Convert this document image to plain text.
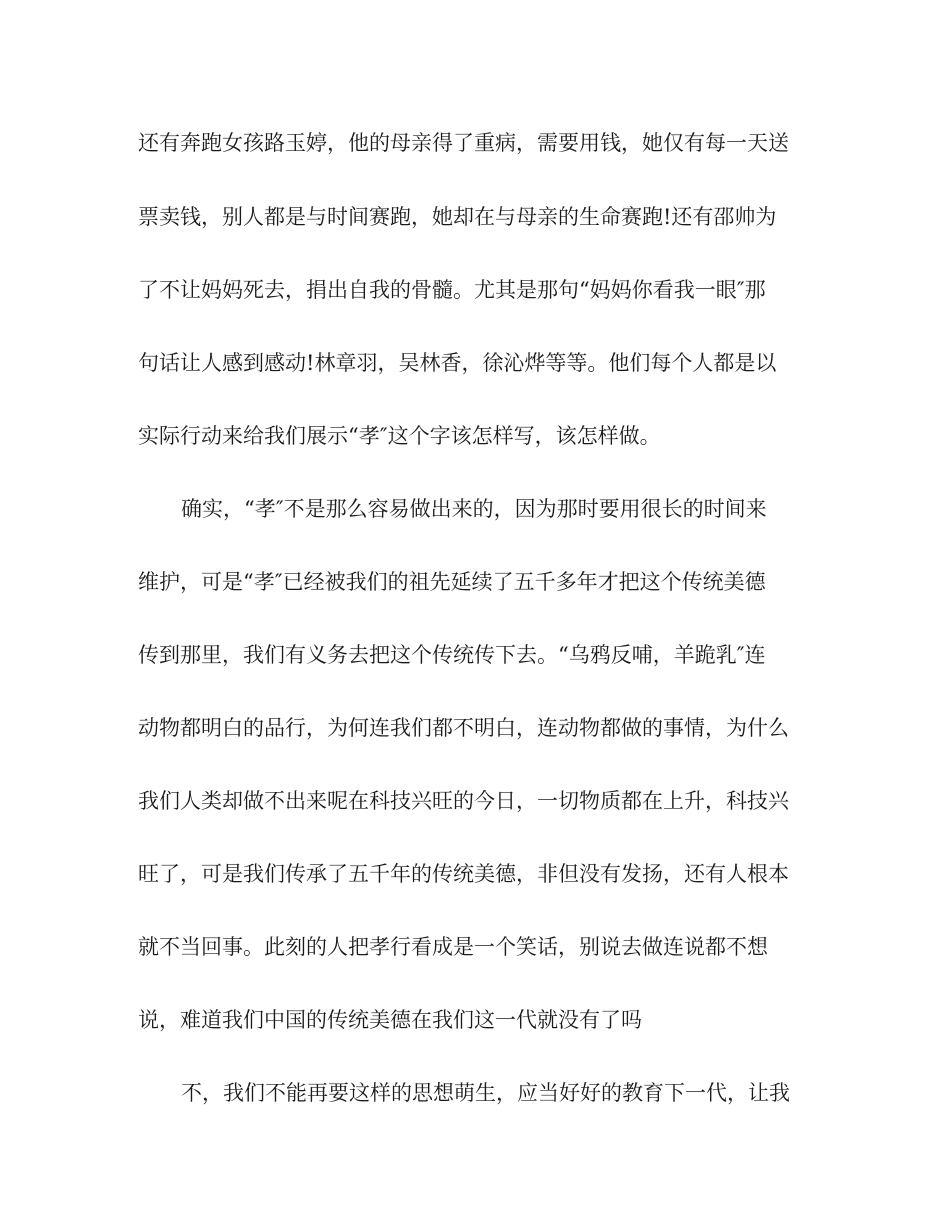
还有奔跑女孩路玉婷，他的母亲得了重病，需要用钱，她仅有每一天送
票卖钱，别人都是与时间赛跑，她却在与母亲的生命赛跑!还有邵帅为
了不让妈妈死去，捐出自我的骨髓。尤其是那句“妈妈你看我一眼″那
句话让人感到感动!林章羽，吴林香，徐沁烨等等。他们每个人都是以
实际行动来给我们展示“孝″这个字该怎样写，该怎样做。
确实，“孝″不是那么容易做出来的，因为那时要用很长的时间来
维护，可是“孝″已经被我们的祖先延续了五千多年才把这个传统美德
传到那里，我们有义务去把这个传统传下去。“乌鸦反哺，羊跪乳″连
动物都明白的品行，为何连我们都不明白，连动物都做的事情，为什么
我们人类却做不出来呢在科技兴旺的今日，一切物质都在上升，科技兴
旺了，可是我们传承了五千年的传统美德，非但没有发扬，还有人根本
就不当回事。此刻的人把孝行看成是一个笑话，别说去做连说都不想
说，难道我们中国的传统美德在我们这一代就没有了吗
不，我们不能再要这样的思想萌生，应当好好的教育下一代，让我
